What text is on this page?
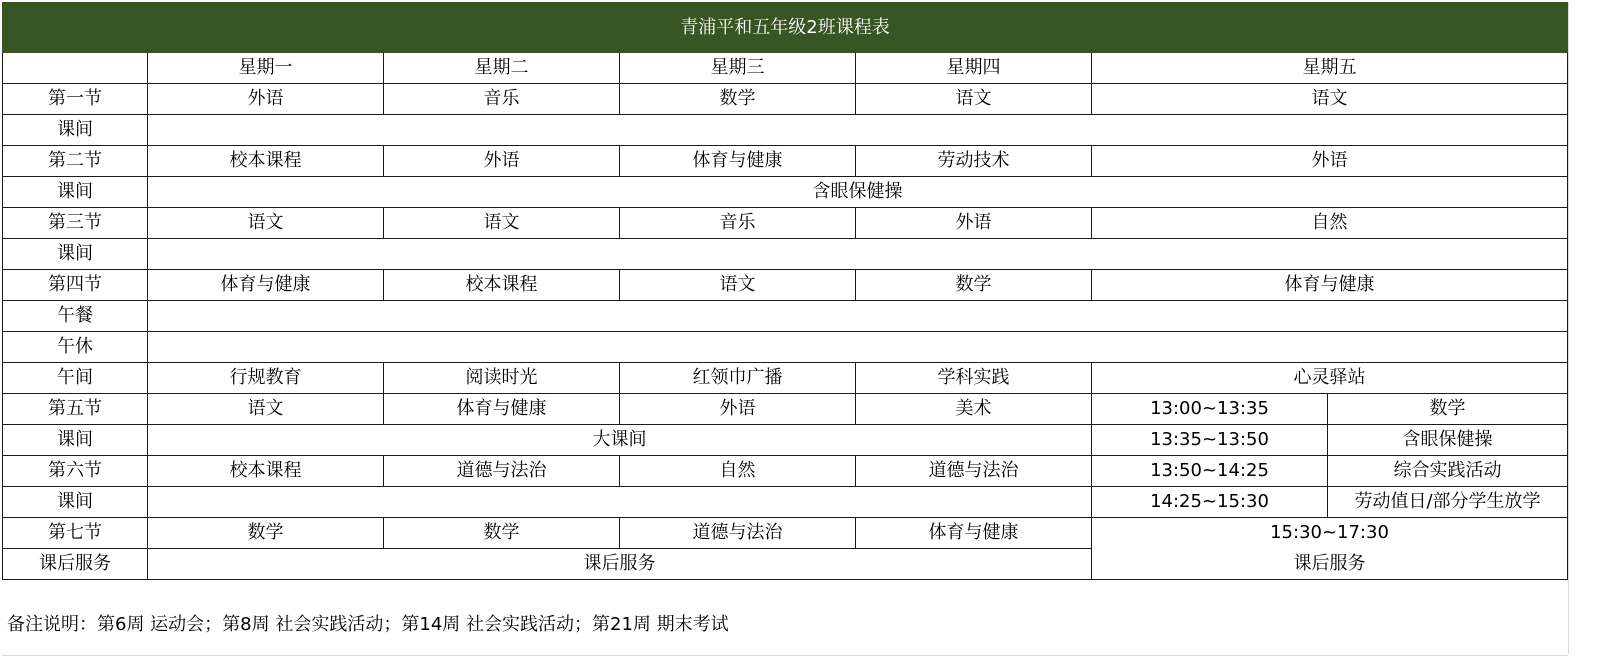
青浦平和五年级2班课程表						
	星期一	星期二	星期三	星期四	星期五	
第一节	外语	音乐	数学	语文	语文	
课间						
第二节	校本课程	外语	体育与健康	劳动技术	外语	
课间	含眼保健操					
第三节	语文	语文	音乐	外语	自然	
课间						
第四节	体育与健康	校本课程	语文	数学	体育与健康	
午餐						
午休						
午间	行规教育	阅读时光	红领巾广播	学科实践	心灵驿站	
第五节	语文	体育与健康	外语	美术	13:00~13:35	数学
课间	大课间				13:35~13:50	含眼保健操
第六节	校本课程	道德与法治	自然	道德与法治	13:50~14:25	综合实践活动
课间					14:25~15:30	劳动值日/部分学生放学
第七节	数学	数学	道德与法治	体育与健康	15:30~17:30	
课后服务	课后服务				课后服务	
备注说明：第6周 运动会；第8周 社会实践活动；第14周 社会实践活动；第21周 期末考试
